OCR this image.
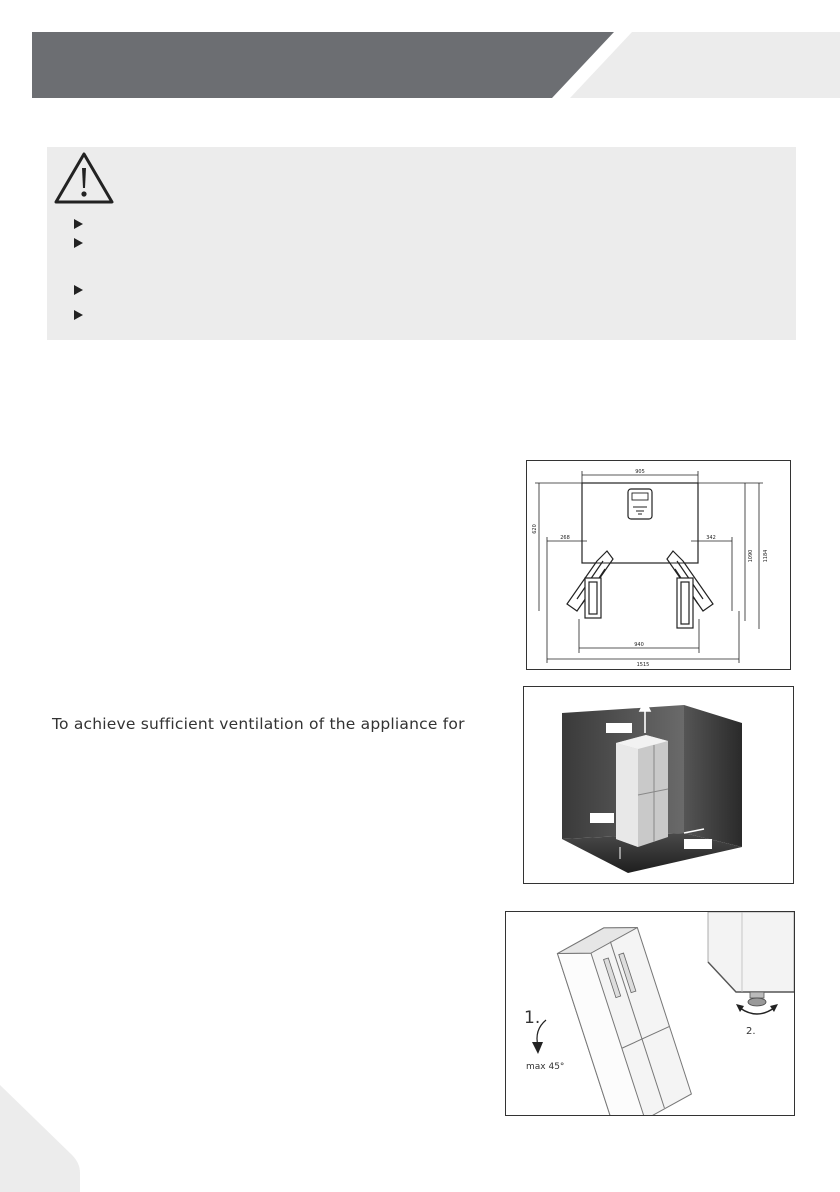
905
620
268	342
1090 1184
940
1515
To achieve sufficient ventilation of the appliance for
1.
max 45°
2.
